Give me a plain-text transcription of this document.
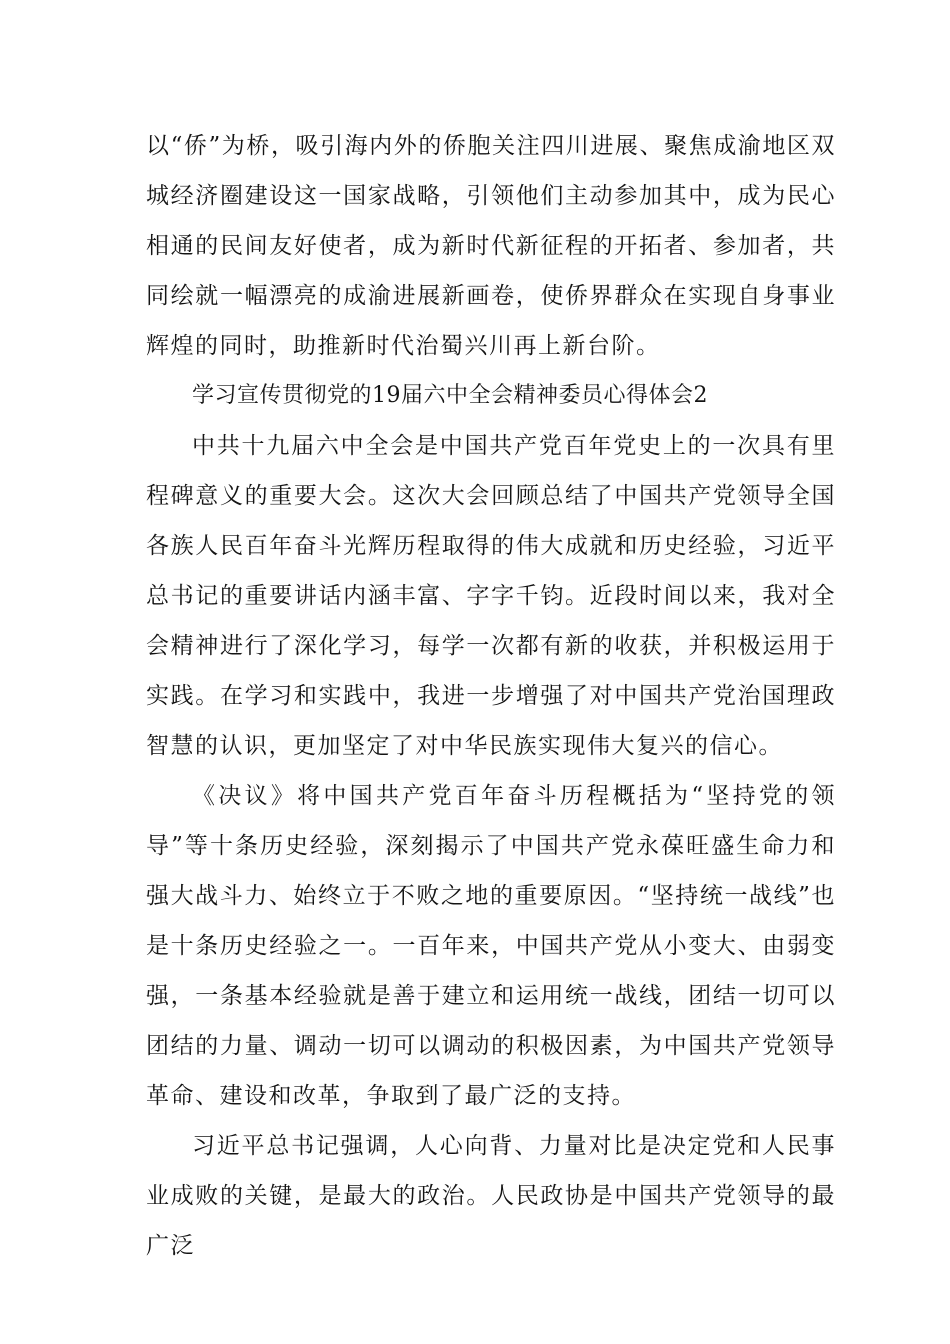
以“侨”为桥，吸引海内外的侨胞关注四川进展、聚焦成渝地区双城经济圈建设这一国家战略，引领他们主动参加其中，成为民心相通的民间友好使者，成为新时代新征程的开拓者、参加者，共同绘就一幅漂亮的成渝进展新画卷，使侨界群众在实现自身事业辉煌的同时，助推新时代治蜀兴川再上新台阶。

学习宣传贯彻党的19届六中全会精神委员心得体会2

中共十九届六中全会是中国共产党百年党史上的一次具有里程碑意义的重要大会。这次大会回顾总结了中国共产党领导全国各族人民百年奋斗光辉历程取得的伟大成就和历史经验，习近平总书记的重要讲话内涵丰富、字字千钧。近段时间以来，我对全会精神进行了深化学习，每学一次都有新的收获，并积极运用于实践。在学习和实践中，我进一步增强了对中国共产党治国理政智慧的认识，更加坚定了对中华民族实现伟大复兴的信心。

《决议》将中国共产党百年奋斗历程概括为“坚持党的领导”等十条历史经验，深刻揭示了中国共产党永葆旺盛生命力和强大战斗力、始终立于不败之地的重要原因。“坚持统一战线”也是十条历史经验之一。一百年来，中国共产党从小变大、由弱变强，一条基本经验就是善于建立和运用统一战线，团结一切可以团结的力量、调动一切可以调动的积极因素，为中国共产党领导革命、建设和改革，争取到了最广泛的支持。

习近平总书记强调，人心向背、力量对比是决定党和人民事业成败的关键，是最大的政治。人民政协是中国共产党领导的最广泛
